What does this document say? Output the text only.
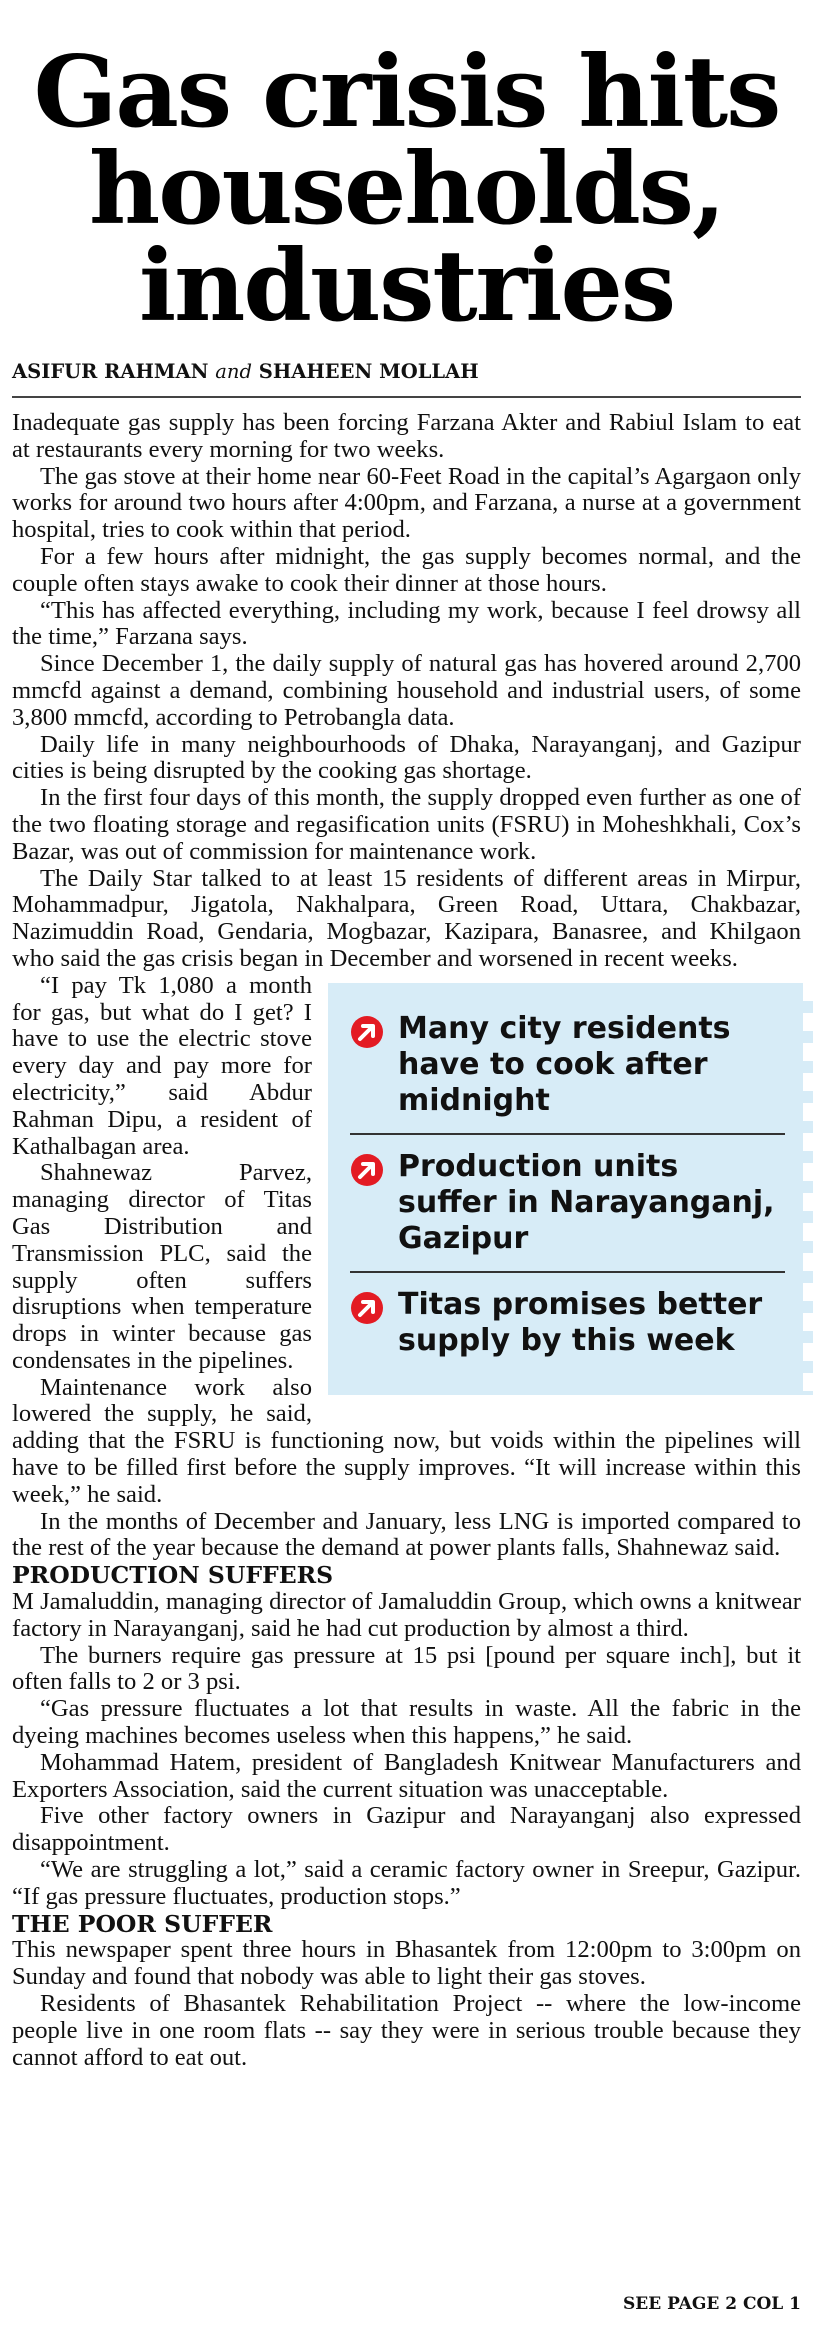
Gas crisis hits
households,
industries
ASIFUR RAHMAN and SHAHEEN MOLLAH

Inadequate gas supply has been forcing Farzana Akter and Rabiul Islam to eat at restaurants every morning for two weeks.

The gas stove at their home near 60-Feet Road in the capital’s Agargaon only works for around two hours after 4:00pm, and Farzana, a nurse at a government hospital, tries to cook within that period.

For a few hours after midnight, the gas supply becomes normal, and the couple often stays awake to cook their dinner at those hours.

“This has affected everything, including my work, because I feel drowsy all the time,” Farzana says.

Since December 1, the daily supply of natural gas has hovered around 2,700 mmcfd against a demand, combining household and industrial users, of some 3,800 mmcfd, according to Petrobangla data.

Daily life in many neighbourhoods of Dhaka, Narayanganj, and Gazipur cities is being disrupted by the cooking gas shortage.

In the first four days of this month, the supply dropped even further as one of the two floating storage and regasification units (FSRU) in Moheshkhali, Cox’s Bazar, was out of commission for maintenance work.

The Daily Star talked to at least 15 residents of different areas in Mirpur, Mohammadpur, Jigatola, Nakhalpara, Green Road, Uttara, Chakbazar, Nazimuddin Road, Gendaria, Mogbazar, Kazipara, Banasree, and Khilgaon who said the gas crisis began in December and worsened in recent weeks.

Many city residents have to cook after midnight
Production units suffer in Narayanganj, Gazipur
Titas promises better supply by this week

“I pay Tk 1,080 a month for gas, but what do I get? I have to use the electric stove every day and pay more for electricity,” said Abdur Rahman Dipu, a resident of Kathalbagan area.

Shahnewaz Parvez, managing director of Titas Gas Distribution and Transmission PLC, said the supply often suffers disruptions when temperature drops in winter because gas condensates in the pipelines.

Maintenance work also lowered the supply, he said, adding that the FSRU is functioning now, but voids within the pipelines will have to be filled first before the supply improves. “It will increase within this week,” he said.

In the months of December and January, less LNG is imported compared to the rest of the year because the demand at power plants falls, Shahnewaz said.

PRODUCTION SUFFERS

M Jamaluddin, managing director of Jamaluddin Group, which owns a knitwear factory in Narayanganj, said he had cut production by almost a third.

The burners require gas pressure at 15 psi [pound per square inch], but it often falls to 2 or 3 psi.

“Gas pressure fluctuates a lot that results in waste. All the fabric in the dyeing machines becomes useless when this happens,” he said.

Mohammad Hatem, president of Bangladesh Knitwear Manufacturers and Exporters Association, said the current situation was unacceptable.

Five other factory owners in Gazipur and Narayanganj also expressed disappointment.

“We are struggling a lot,” said a ceramic factory owner in Sreepur, Gazipur. “If gas pressure fluctuates, production stops.”

THE POOR SUFFER

This newspaper spent three hours in Bhasantek from 12:00pm to 3:00pm on Sunday and found that nobody was able to light their gas stoves.

Residents of Bhasantek Rehabilitation Project -- where the low-income people live in one room flats -- say they were in serious trouble because they cannot afford to eat out.

SEE PAGE 2 COL 1
